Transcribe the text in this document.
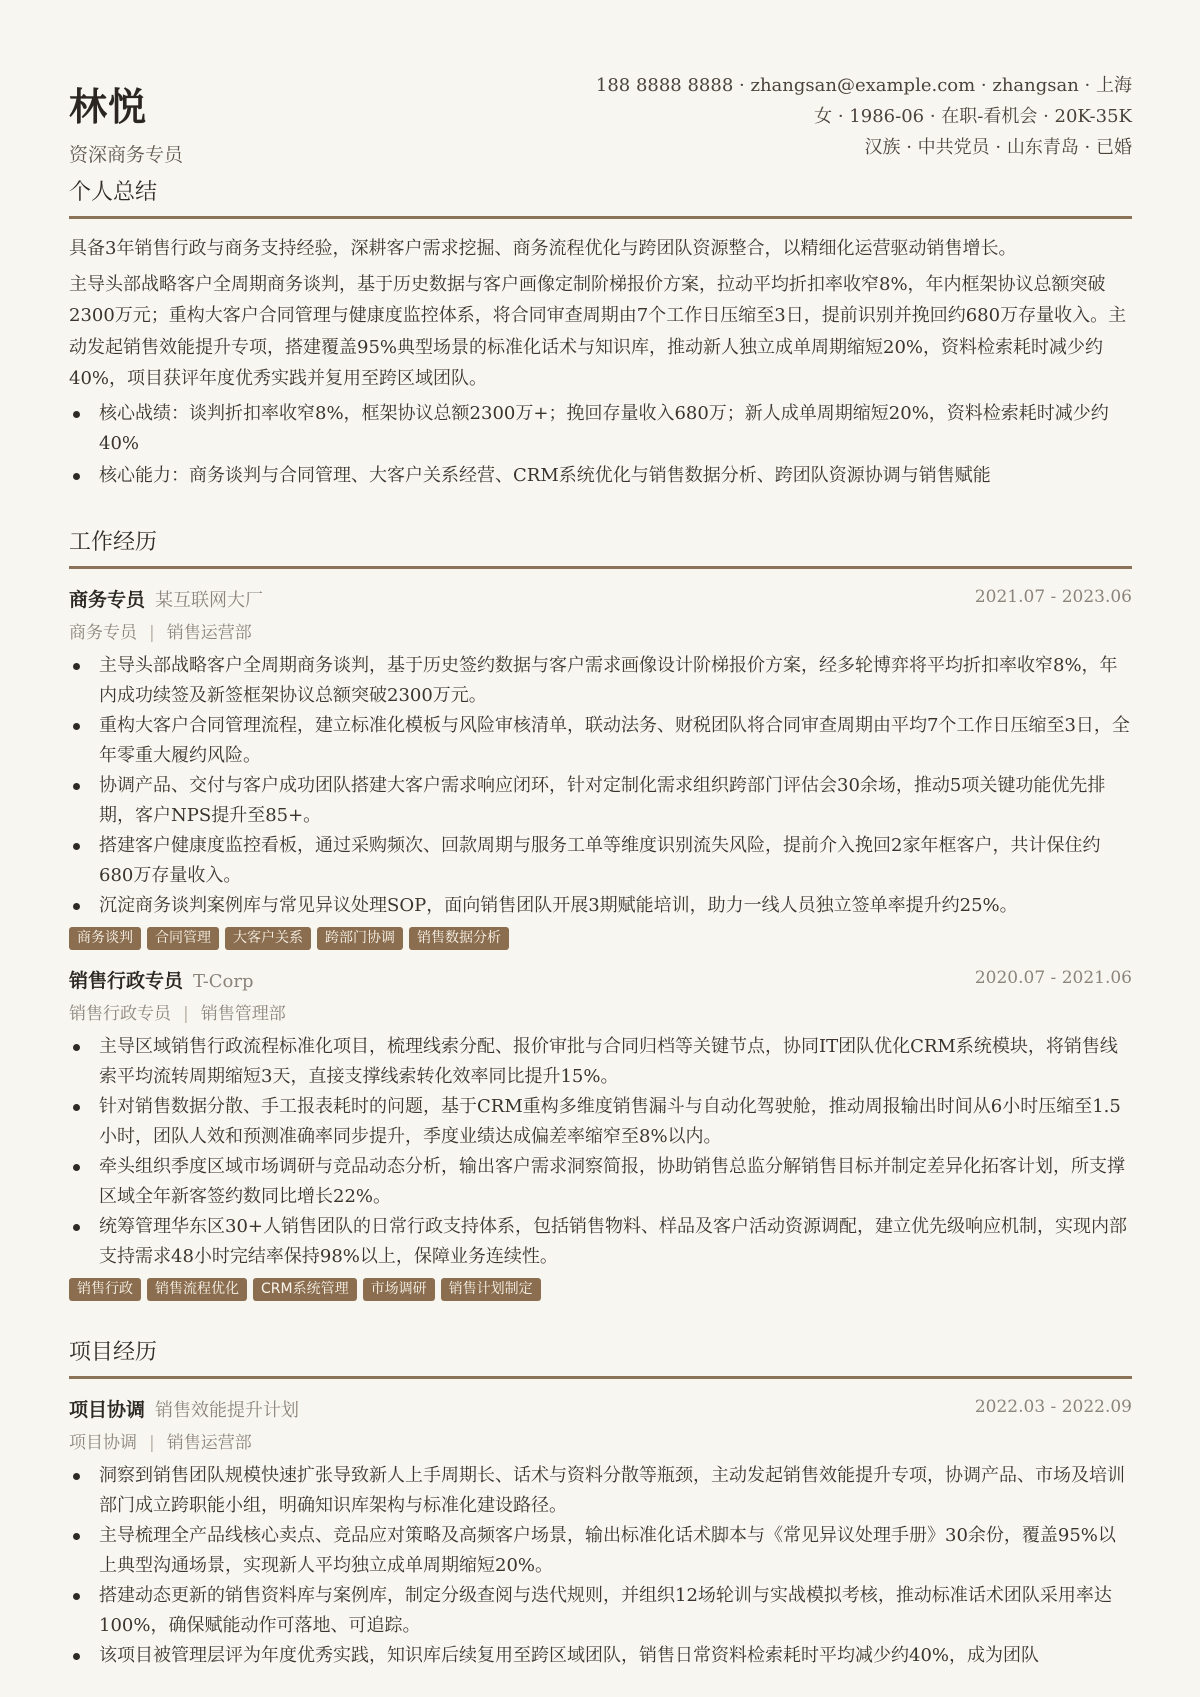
林悦
资深商务专员
188 8888 8888 · zhangsan@example.com · zhangsan · 上海
女 · 1986-06 · 在职-看机会 · 20K-35K
汉族 · 中共党员 · 山东青岛 · 已婚
个人总结

具备3年销售行政与商务支持经验，深耕客户需求挖掘、商务流程优化与跨团队资源整合，以精细化运营驱动销售增长。

主导头部战略客户全周期商务谈判，基于历史数据与客户画像定制阶梯报价方案，拉动平均折扣率收窄8%，年内框架协议总额突破2300万元；重构大客户合同管理与健康度监控体系，将合同审查周期由7个工作日压缩至3日，提前识别并挽回约680万存量收入。主动发起销售效能提升专项，搭建覆盖95%典型场景的标准化话术与知识库，推动新人独立成单周期缩短20%，资料检索耗时减少约40%，项目获评年度优秀实践并复用至跨区域团队。

核心战绩：谈判折扣率收窄8%，框架协议总额2300万+；挽回存量收入680万；新人成单周期缩短20%，资料检索耗时减少约40%
核心能力：商务谈判与合同管理、大客户关系经营、CRM系统优化与销售数据分析、跨团队资源协调与销售赋能
工作经历
商务专员 某互联网大厂	2021.07 - 2023.06
商务专员 | 销售运营部
主导头部战略客户全周期商务谈判，基于历史签约数据与客户需求画像设计阶梯报价方案，经多轮博弈将平均折扣率收窄8%，年内成功续签及新签框架协议总额突破2300万元。
重构大客户合同管理流程，建立标准化模板与风险审核清单，联动法务、财税团队将合同审查周期由平均7个工作日压缩至3日，全年零重大履约风险。
协调产品、交付与客户成功团队搭建大客户需求响应闭环，针对定制化需求组织跨部门评估会30余场，推动5项关键功能优先排期，客户NPS提升至85+。
搭建客户健康度监控看板，通过采购频次、回款周期与服务工单等维度识别流失风险，提前介入挽回2家年框客户，共计保住约680万存量收入。
沉淀商务谈判案例库与常见异议处理SOP，面向销售团队开展3期赋能培训，助力一线人员独立签单率提升约25%。
商务谈判	合同管理	大客户关系	跨部门协调	销售数据分析
销售行政专员 T-Corp	2020.07 - 2021.06
销售行政专员 | 销售管理部
主导区域销售行政流程标准化项目，梳理线索分配、报价审批与合同归档等关键节点，协同IT团队优化CRM系统模块，将销售线索平均流转周期缩短3天，直接支撑线索转化效率同比提升15%。
针对销售数据分散、手工报表耗时的问题，基于CRM重构多维度销售漏斗与自动化驾驶舱，推动周报输出时间从6小时压缩至1.5小时，团队人效和预测准确率同步提升，季度业绩达成偏差率缩窄至8%以内。
牵头组织季度区域市场调研与竞品动态分析，输出客户需求洞察简报，协助销售总监分解销售目标并制定差异化拓客计划，所支撑区域全年新客签约数同比增长22%。
统筹管理华东区30+人销售团队的日常行政支持体系，包括销售物料、样品及客户活动资源调配，建立优先级响应机制，实现内部支持需求48小时完结率保持98%以上，保障业务连续性。
销售行政	销售流程优化	CRM系统管理	市场调研	销售计划制定
项目经历
项目协调 销售效能提升计划	2022.03 - 2022.09
项目协调 | 销售运营部
洞察到销售团队规模快速扩张导致新人上手周期长、话术与资料分散等瓶颈，主动发起销售效能提升专项，协调产品、市场及培训部门成立跨职能小组，明确知识库架构与标准化建设路径。
主导梳理全产品线核心卖点、竞品应对策略及高频客户场景，输出标准化话术脚本与《常见异议处理手册》30余份，覆盖95%以上典型沟通场景，实现新人平均独立成单周期缩短20%。
搭建动态更新的销售资料库与案例库，制定分级查阅与迭代规则，并组织12场轮训与实战模拟考核，推动标准话术团队采用率达100%，确保赋能动作可落地、可追踪。
该项目被管理层评为年度优秀实践，知识库后续复用至跨区域团队，销售日常资料检索耗时平均减少约40%，成为团队
